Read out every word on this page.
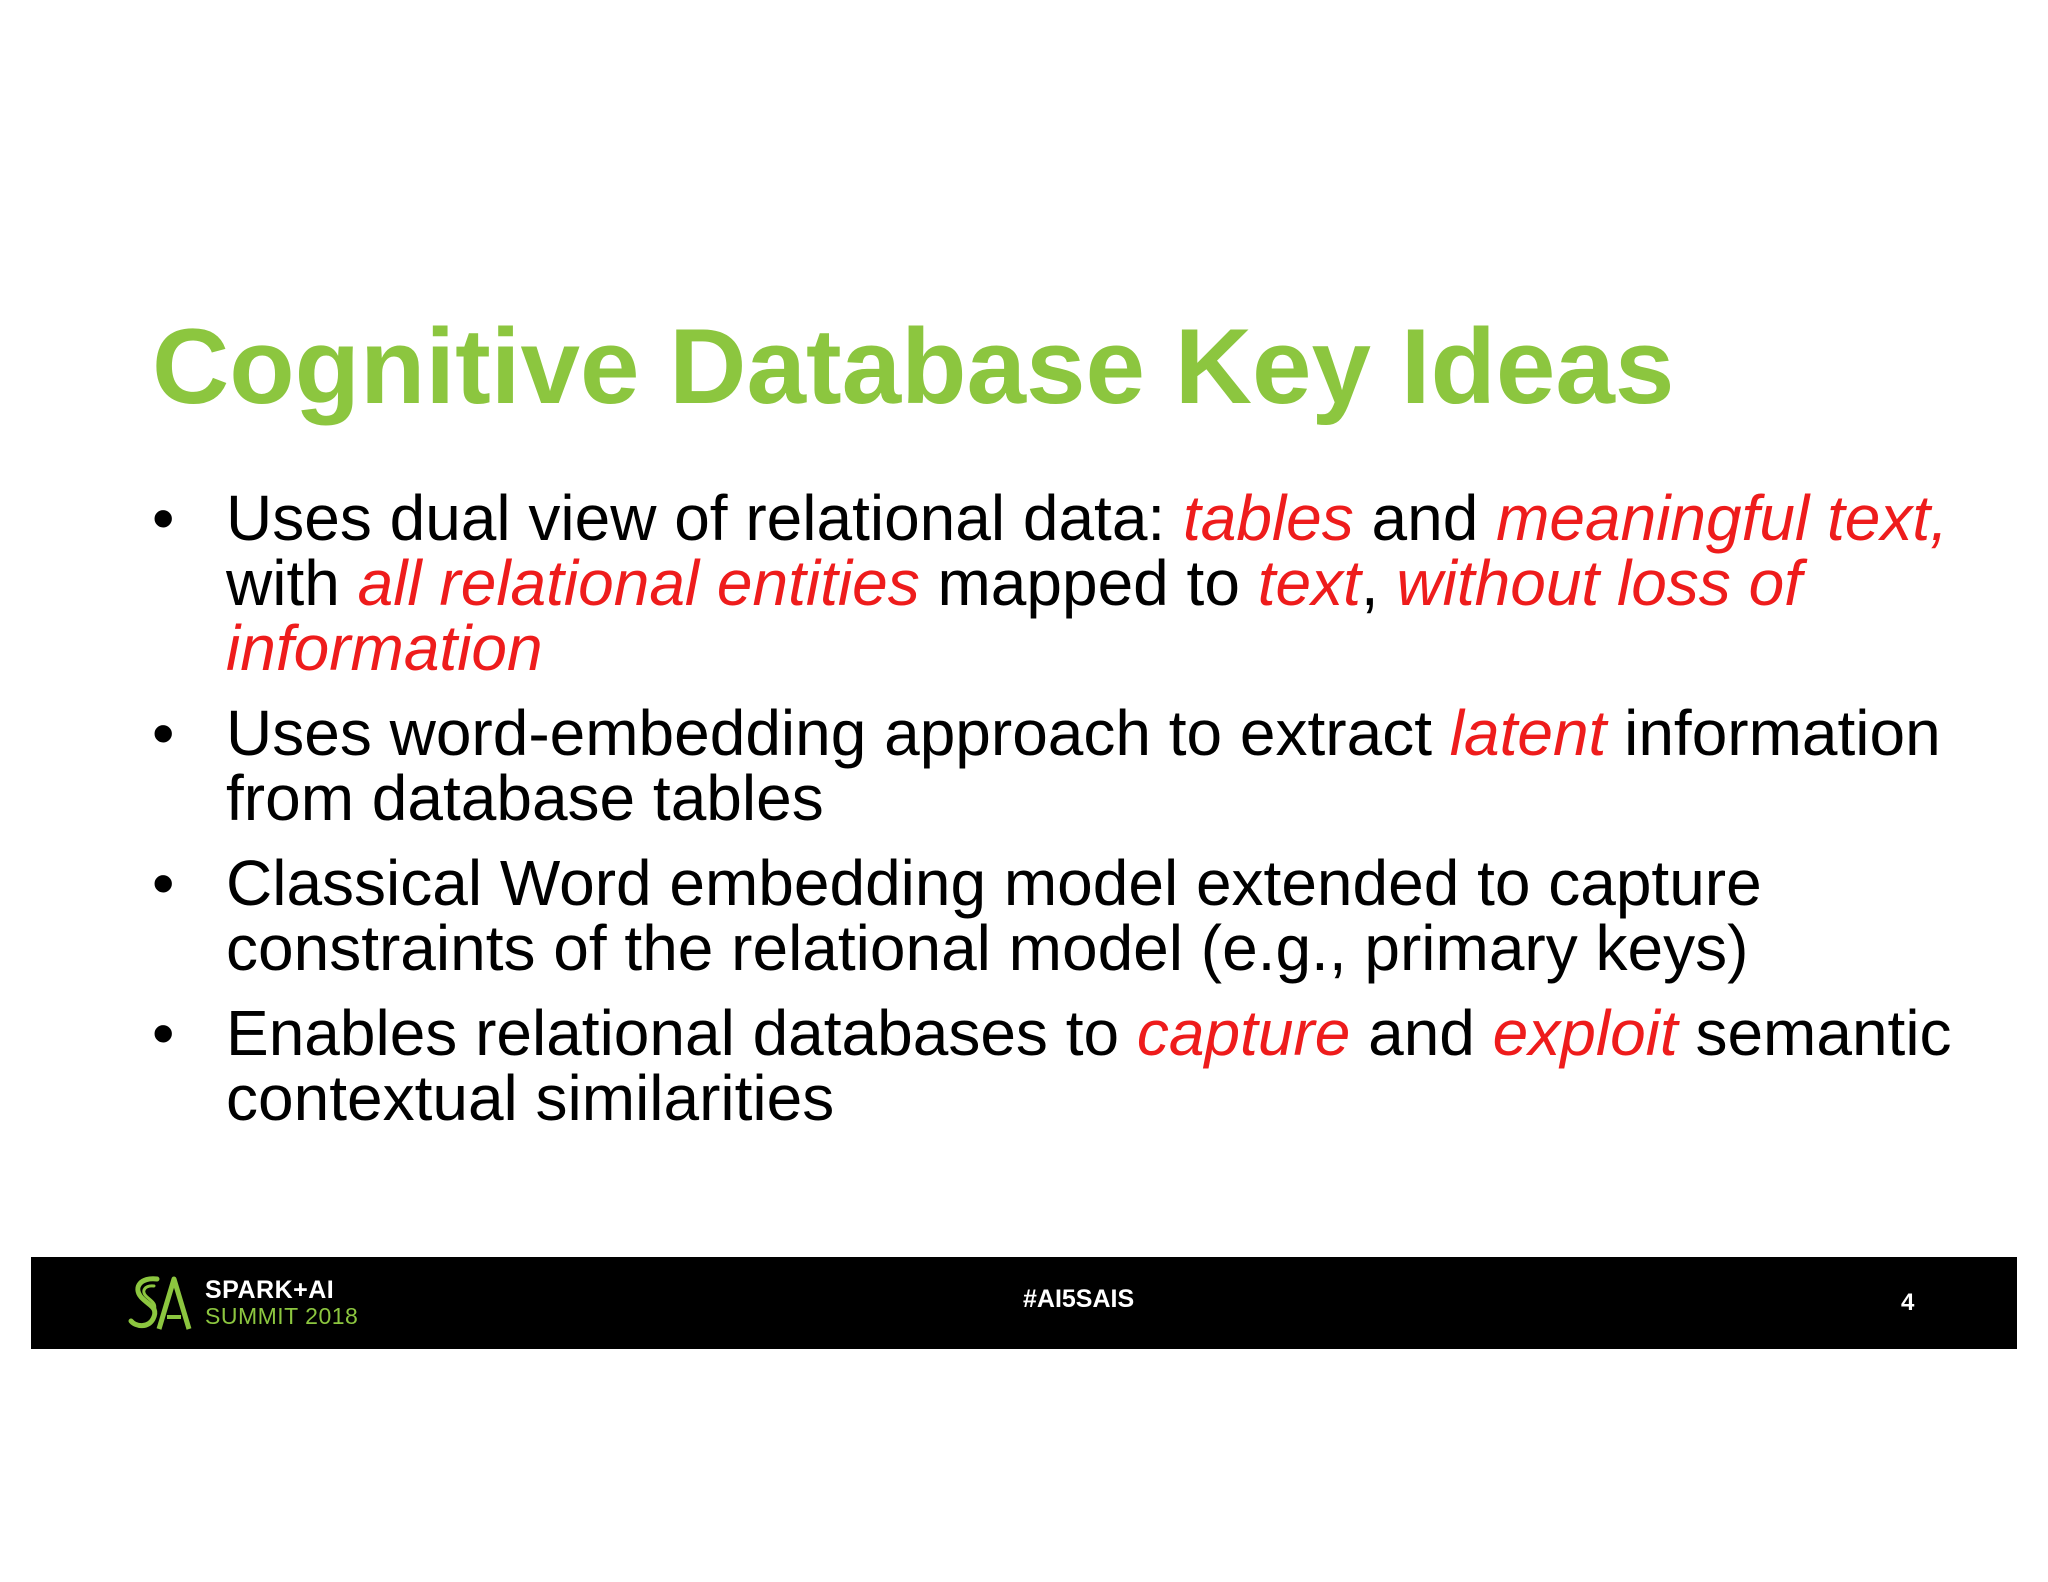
Cognitive Database Key Ideas
• Uses dual view of relational data: tables and meaningful text, with all relational entities mapped to text, without loss of information
• Uses word-embedding approach to extract latent information from database tables
• Classical Word embedding model extended to capture constraints of the relational model (e.g., primary keys)
• Enables relational databases to capture and exploit semantic contextual similarities
SPARK+AI
SUMMIT 2018
#AI5SAIS	4
